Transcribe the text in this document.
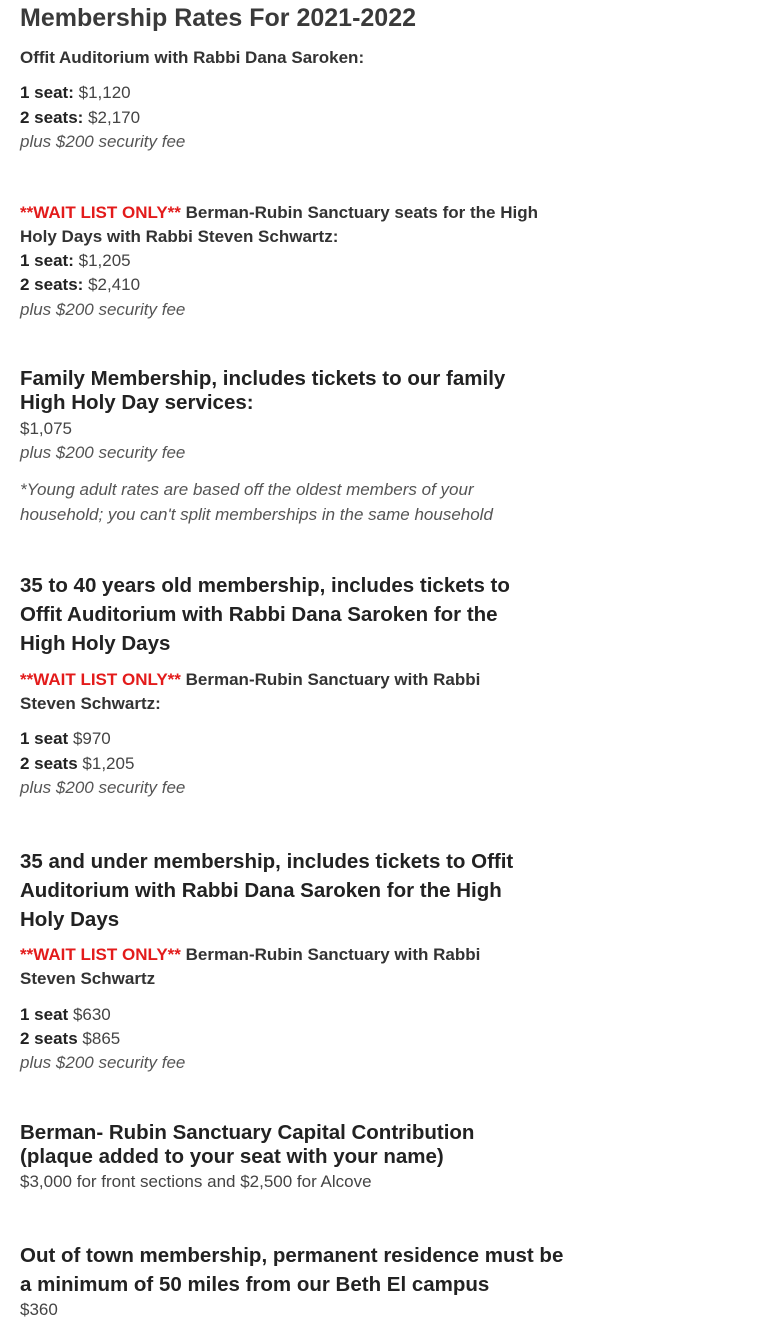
Membership Rates For 2021-2022
Offit Auditorium with Rabbi Dana Saroken:
1 seat: $1,120
2 seats: $2,170
plus $200 security fee
**WAIT LIST ONLY** Berman-Rubin Sanctuary seats for the High Holy Days with Rabbi Steven Schwartz:
1 seat: $1,205
2 seats: $2,410
plus $200 security fee
Family Membership, includes tickets to our family High Holy Day services:
$1,075
plus $200 security fee
*Young adult rates are based off the oldest members of your household; you can't split memberships in the same household
35 to 40 years old membership, includes tickets to Offit Auditorium with Rabbi Dana Saroken for the High Holy Days
**WAIT LIST ONLY** Berman-Rubin Sanctuary with Rabbi Steven Schwartz:
1 seat $970
2 seats $1,205
plus $200 security fee
35 and under membership, includes tickets to Offit Auditorium with Rabbi Dana Saroken for the High Holy Days
**WAIT LIST ONLY** Berman-Rubin Sanctuary with Rabbi Steven Schwartz
1 seat $630
2 seats $865
plus $200 security fee
Berman- Rubin Sanctuary Capital Contribution (plaque added to your seat with your name)
$3,000 for front sections and $2,500 for Alcove
Out of town membership, permanent residence must be a minimum of 50 miles from our Beth El campus
$360
